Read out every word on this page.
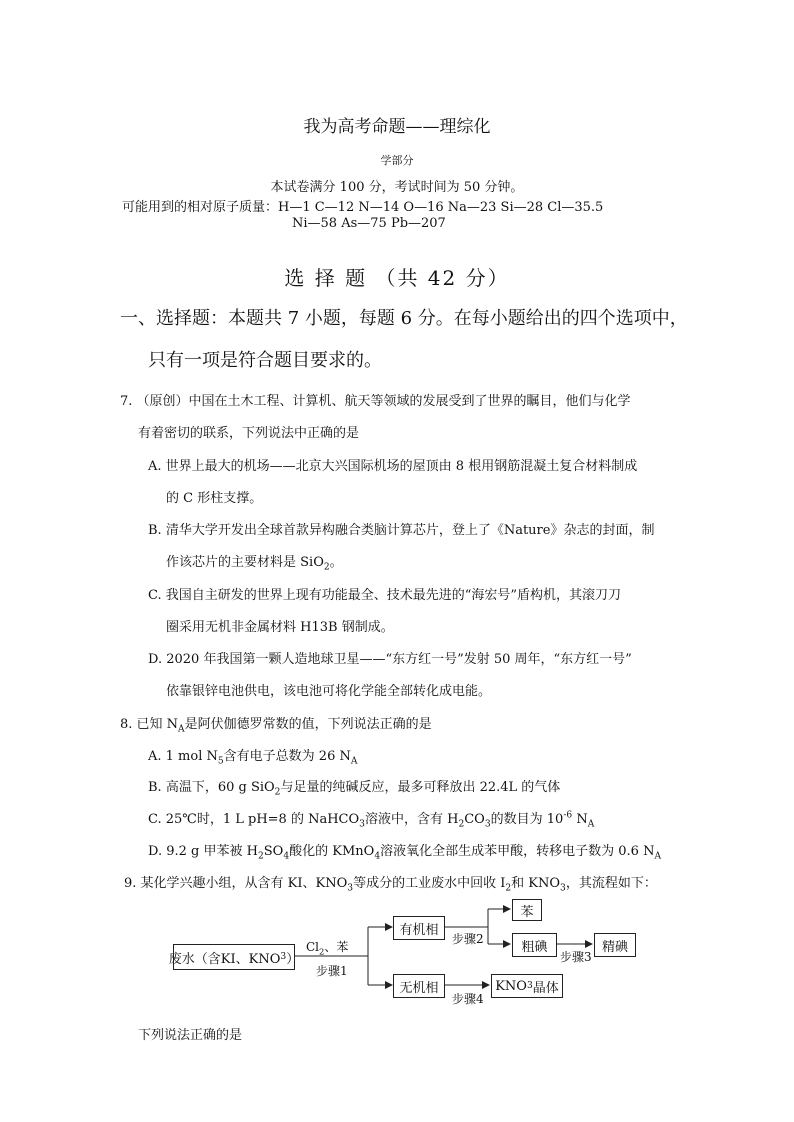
我为高考命题——理综化
学部分
本试卷满分 100 分，考试时间为 50 分钟。
可能用到的相对原子质量：H—1 C—12 N—14 O—16 Na—23 Si—28 Cl—35.5
Ni—58 As—75 Pb—207
选 择 题 （共 42 分）
一、选择题：本题共 7 小题，每题 6 分。在每小题给出的四个选项中，
只有一项是符合题目要求的。
7. （原创）中国在土木工程、计算机、航天等领域的发展受到了世界的瞩目，他们与化学
有着密切的联系，下列说法中正确的是
A. 世界上最大的机场——北京大兴国际机场的屋顶由 8 根用钢筋混凝土复合材料制成
的 C 形柱支撑。
B. 清华大学开发出全球首款异构融合类脑计算芯片，登上了《Nature》杂志的封面，制
作该芯片的主要材料是 SiO$_2$。
C. 我国自主研发的世界上现有功能最全、技术最先进的“海宏号”盾构机，其滚刀刀
圈采用无机非金属材料 H13B 钢制成。
D. 2020 年我国第一颗人造地球卫星——“东方红一号”发射 50 周年，“东方红一号”
依靠银锌电池供电，该电池可将化学能全部转化成电能。
8. 已知 $N_A$是阿伏伽德罗常数的值，下列说法正确的是
A. 1 mol $N_5$含有电子总数为 26 $N_A$
B. 高温下，60 g SiO$_2$与足量的纯碱反应，最多可释放出 22.4L 的气体
C. 25℃时，1 L pH=8 的 NaHCO$_3$溶液中，含有 $H_2CO_3$的数目为 $10^{-6}$ $N_A$
D. 9.2 g 甲苯被 $H_2SO_4$酸化的 KMnO$_4$溶液氧化全部生成苯甲酸，转移电子数为 0.6 $N_A$
9. 某化学兴趣小组，从含有 KI、$KNO_3$等成分的工业废水中回收 $I_2$和 $KNO_3$，其流程如下：
废水（含KI、KNO 3 ）
$Cl_2$、苯
步骤1
有机相
无机相
步骤2
苯
粗碘
步骤3
精碘
步骤4
KNO 3 晶体
下列说法正确的是
